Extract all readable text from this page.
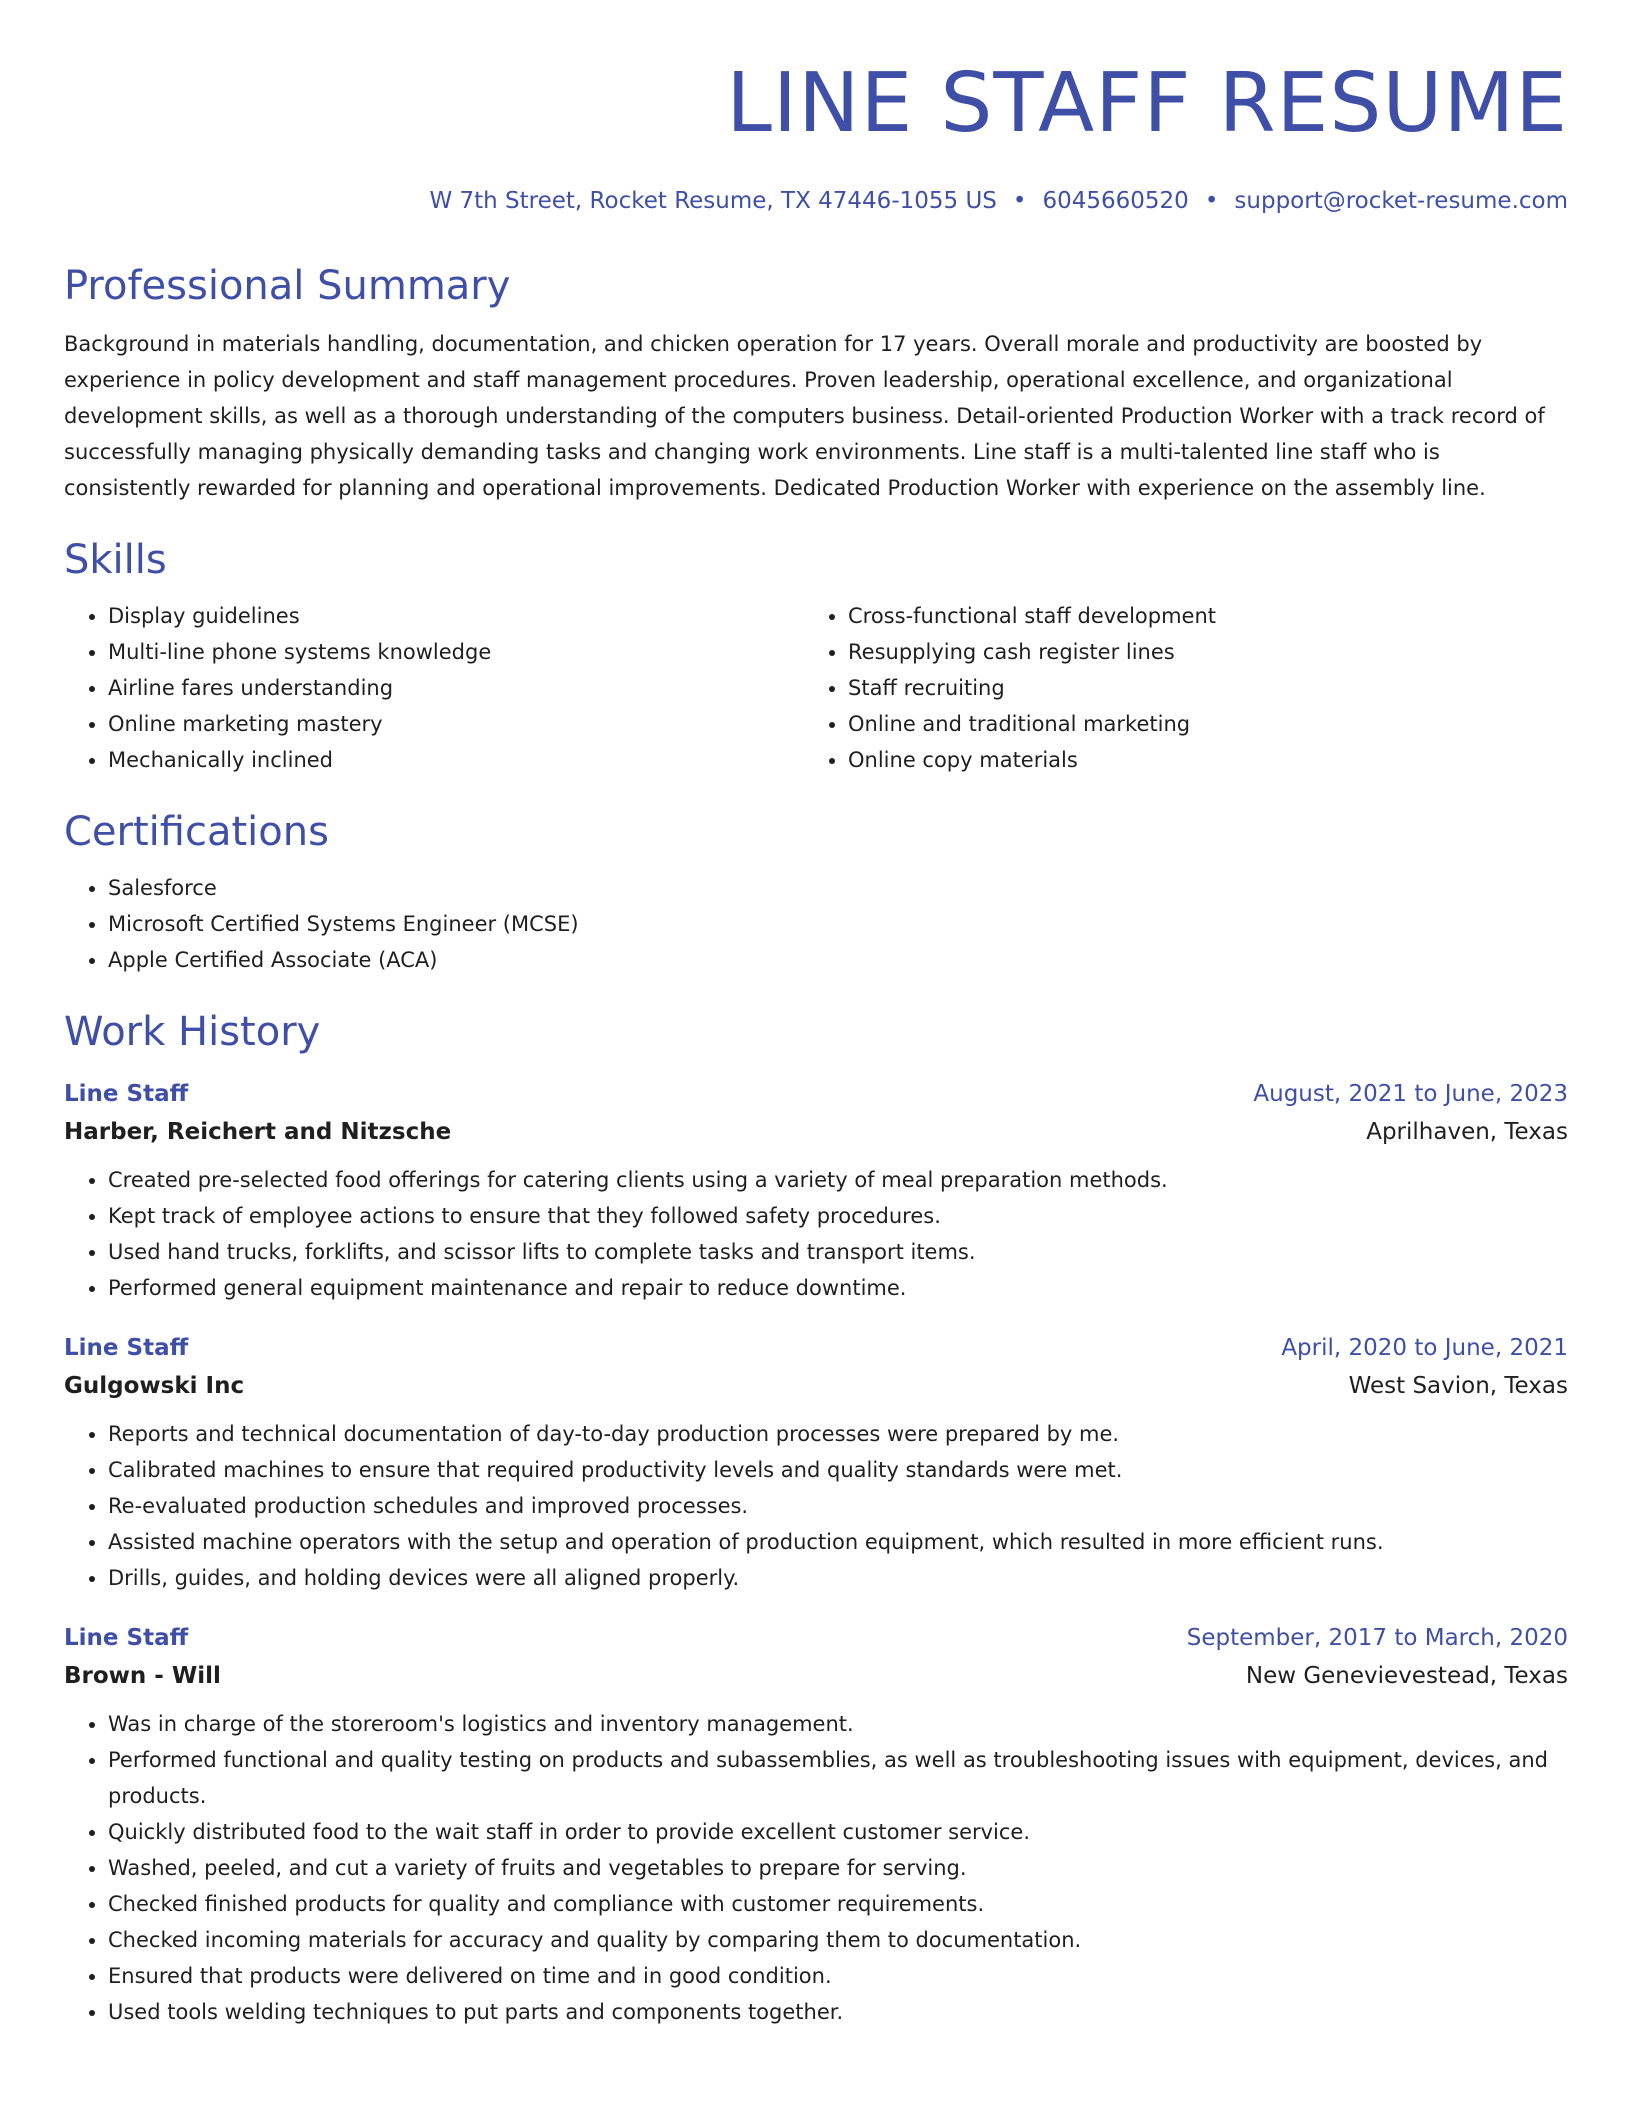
LINE STAFF RESUME
W 7th Street, Rocket Resume, TX 47446-1055 US • 6045660520 • support@rocket-resume.com
Professional Summary
Background in materials handling, documentation, and chicken operation for 17 years. Overall morale and productivity are boosted by experience in policy development and staff management procedures. Proven leadership, operational excellence, and organizational development skills, as well as a thorough understanding of the computers business. Detail-oriented Production Worker with a track record of successfully managing physically demanding tasks and changing work environments. Line staff is a multi-talented line staff who is consistently rewarded for planning and operational improvements. Dedicated Production Worker with experience on the assembly line.
Skills
• Display guidelines
• Multi-line phone systems knowledge
• Airline fares understanding
• Online marketing mastery
• Mechanically inclined
• Cross-functional staff development
• Resupplying cash register lines
• Staff recruiting
• Online and traditional marketing
• Online copy materials
Certifications
• Salesforce
• Microsoft Certified Systems Engineer (MCSE)
• Apple Certified Associate (ACA)
Work History
Line Staff	August, 2021 to June, 2023
Harber, Reichert and Nitzsche	Aprilhaven, Texas
• Created pre-selected food offerings for catering clients using a variety of meal preparation methods.
• Kept track of employee actions to ensure that they followed safety procedures.
• Used hand trucks, forklifts, and scissor lifts to complete tasks and transport items.
• Performed general equipment maintenance and repair to reduce downtime.
Line Staff	April, 2020 to June, 2021
Gulgowski Inc	West Savion, Texas
• Reports and technical documentation of day-to-day production processes were prepared by me.
• Calibrated machines to ensure that required productivity levels and quality standards were met.
• Re-evaluated production schedules and improved processes.
• Assisted machine operators with the setup and operation of production equipment, which resulted in more efficient runs.
• Drills, guides, and holding devices were all aligned properly.
Line Staff	September, 2017 to March, 2020
Brown - Will	New Genevievestead, Texas
• Was in charge of the storeroom's logistics and inventory management.
• Performed functional and quality testing on products and subassemblies, as well as troubleshooting issues with equipment, devices, and products.
• Quickly distributed food to the wait staff in order to provide excellent customer service.
• Washed, peeled, and cut a variety of fruits and vegetables to prepare for serving.
• Checked finished products for quality and compliance with customer requirements.
• Checked incoming materials for accuracy and quality by comparing them to documentation.
• Ensured that products were delivered on time and in good condition.
• Used tools welding techniques to put parts and components together.
